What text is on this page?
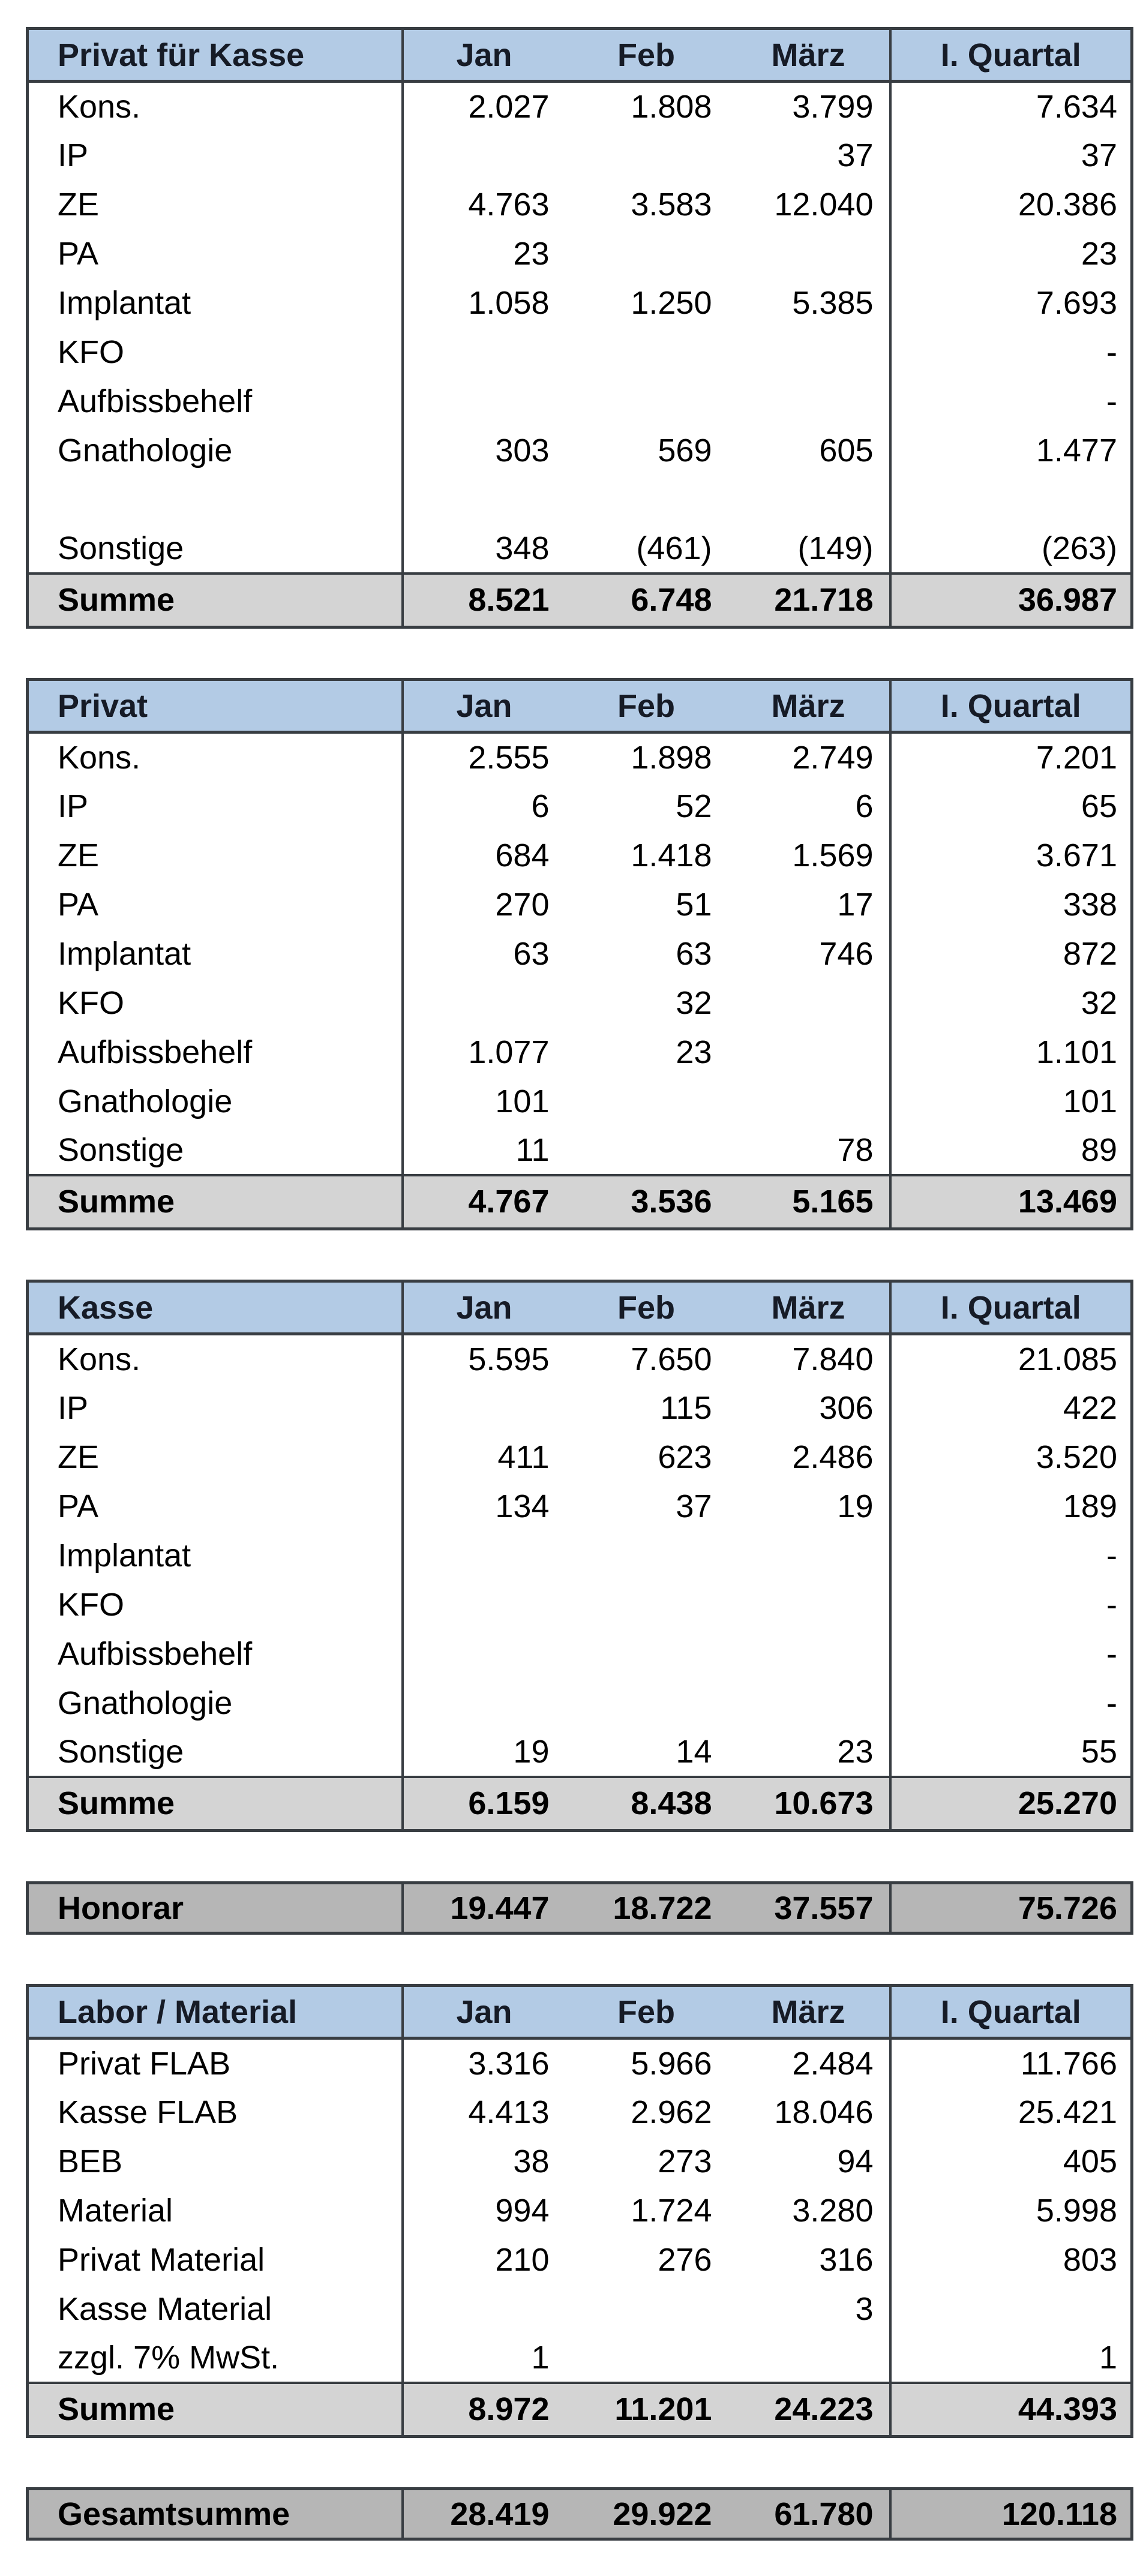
Privat für Kasse	Jan	Feb	März	I. Quartal
Kons.	2.027	1.808	3.799	7.634
IP			37	37
ZE	4.763	3.583	12.040	20.386
PA	23			23
Implantat	1.058	1.250	5.385	7.693
KFO				-
Aufbissbehelf				-
Gnathologie	303	569	605	1.477

Sonstige	348	(461)	(149)	(263)
Summe	8.521	6.748	21.718	36.987
Privat	Jan	Feb	März	I. Quartal
Kons.	2.555	1.898	2.749	7.201
IP	6	52	6	65
ZE	684	1.418	1.569	3.671
PA	270	51	17	338
Implantat	63	63	746	872
KFO		32		32
Aufbissbehelf	1.077	23		1.101
Gnathologie	101			101
Sonstige	11		78	89
Summe	4.767	3.536	5.165	13.469
Kasse	Jan	Feb	März	I. Quartal
Kons.	5.595	7.650	7.840	21.085
IP		115	306	422
ZE	411	623	2.486	3.520
PA	134	37	19	189
Implantat				-
KFO				-
Aufbissbehelf				-
Gnathologie				-
Sonstige	19	14	23	55
Summe	6.159	8.438	10.673	25.270
Honorar	19.447	18.722	37.557	75.726
Labor / Material	Jan	Feb	März	I. Quartal
Privat FLAB	3.316	5.966	2.484	11.766
Kasse FLAB	4.413	2.962	18.046	25.421
BEB	38	273	94	405
Material	994	1.724	3.280	5.998
Privat Material	210	276	316	803
Kasse Material			3	
zzgl. 7% MwSt.	1			1
Summe	8.972	11.201	24.223	44.393
Gesamtsumme	28.419	29.922	61.780	120.118
